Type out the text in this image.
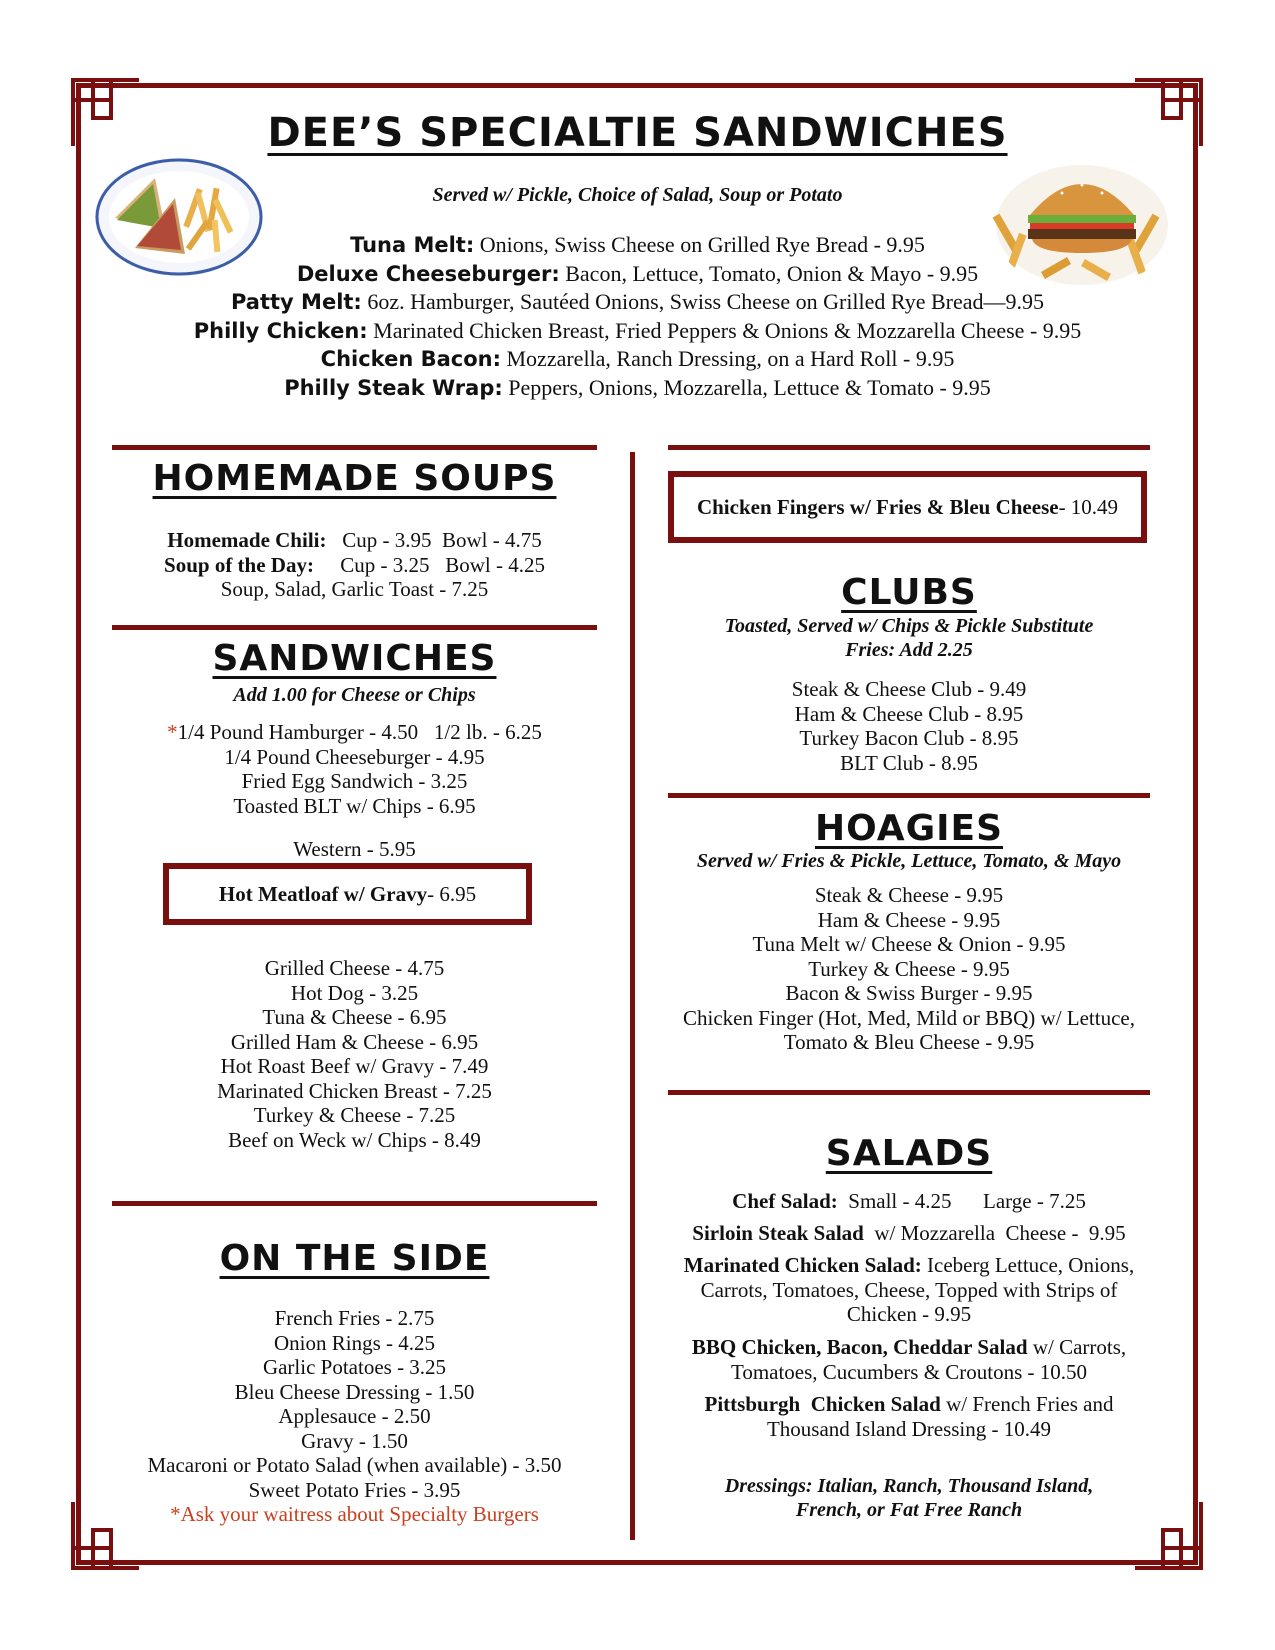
DEE’S SPECIALTIE SANDWICHES
Served w/ Pickle, Choice of Salad, Soup or Potato
Tuna Melt: Onions, Swiss Cheese on Grilled Rye Bread - 9.95
Deluxe Cheeseburger: Bacon, Lettuce, Tomato, Onion & Mayo - 9.95
Patty Melt: 6oz. Hamburger, Sautéed Onions, Swiss Cheese on Grilled Rye Bread—9.95
Philly Chicken: Marinated Chicken Breast, Fried Peppers & Onions & Mozzarella Cheese - 9.95
Chicken Bacon: Mozzarella, Ranch Dressing, on a Hard Roll - 9.95
Philly Steak Wrap: Peppers, Onions, Mozzarella, Lettuce & Tomato - 9.95
HOMEMADE SOUPS
Homemade Chili: Cup - 3.95  Bowl - 4.75
Soup of the Day: Cup - 3.25   Bowl - 4.25
Soup, Salad, Garlic Toast - 7.25
SANDWICHES
Add 1.00 for Cheese or Chips
*1/4 Pound Hamburger - 4.50   1/2 lb. - 6.25
1/4 Pound Cheeseburger - 4.95
Fried Egg Sandwich - 3.25
Toasted BLT w/ Chips - 6.95
Western - 5.95
Hot Meatloaf w/ Gravy - 6.95
Grilled Cheese - 4.75
Hot Dog - 3.25
Tuna & Cheese - 6.95
Grilled Ham & Cheese - 6.95
Hot Roast Beef w/ Gravy - 7.49
Marinated Chicken Breast - 7.25
Turkey & Cheese - 7.25
Beef on Weck w/ Chips - 8.49
ON THE SIDE
French Fries - 2.75
Onion Rings - 4.25
Garlic Potatoes - 3.25
Bleu Cheese Dressing - 1.50
Applesauce - 2.50
Gravy - 1.50
Macaroni or Potato Salad (when available) - 3.50
Sweet Potato Fries - 3.95
*Ask your waitress about Specialty Burgers
Chicken Fingers w/ Fries & Bleu Cheese - 10.49
CLUBS
Toasted, Served w/ Chips & Pickle Substitute
Fries: Add 2.25
Steak & Cheese Club - 9.49
Ham & Cheese Club - 8.95
Turkey Bacon Club - 8.95
BLT Club - 8.95
HOAGIES
Served w/ Fries & Pickle, Lettuce, Tomato, & Mayo
Steak & Cheese - 9.95
Ham & Cheese - 9.95
Tuna Melt w/ Cheese & Onion - 9.95
Turkey & Cheese - 9.95
Bacon & Swiss Burger - 9.95
Chicken Finger (Hot, Med, Mild or BBQ) w/ Lettuce,
Tomato & Bleu Cheese - 9.95
SALADS
Chef Salad:  Small - 4.25      Large - 7.25
Sirloin Steak Salad  w/ Mozzarella  Cheese -  9.95
Marinated Chicken Salad: Iceberg Lettuce, Onions,
Carrots, Tomatoes, Cheese, Topped with Strips of
Chicken - 9.95
BBQ Chicken, Bacon, Cheddar Salad w/ Carrots,
Tomatoes, Cucumbers & Croutons - 10.50
Pittsburgh  Chicken Salad w/ French Fries and
Thousand Island Dressing - 10.49
Dressings: Italian, Ranch, Thousand Island,
French, or Fat Free Ranch
